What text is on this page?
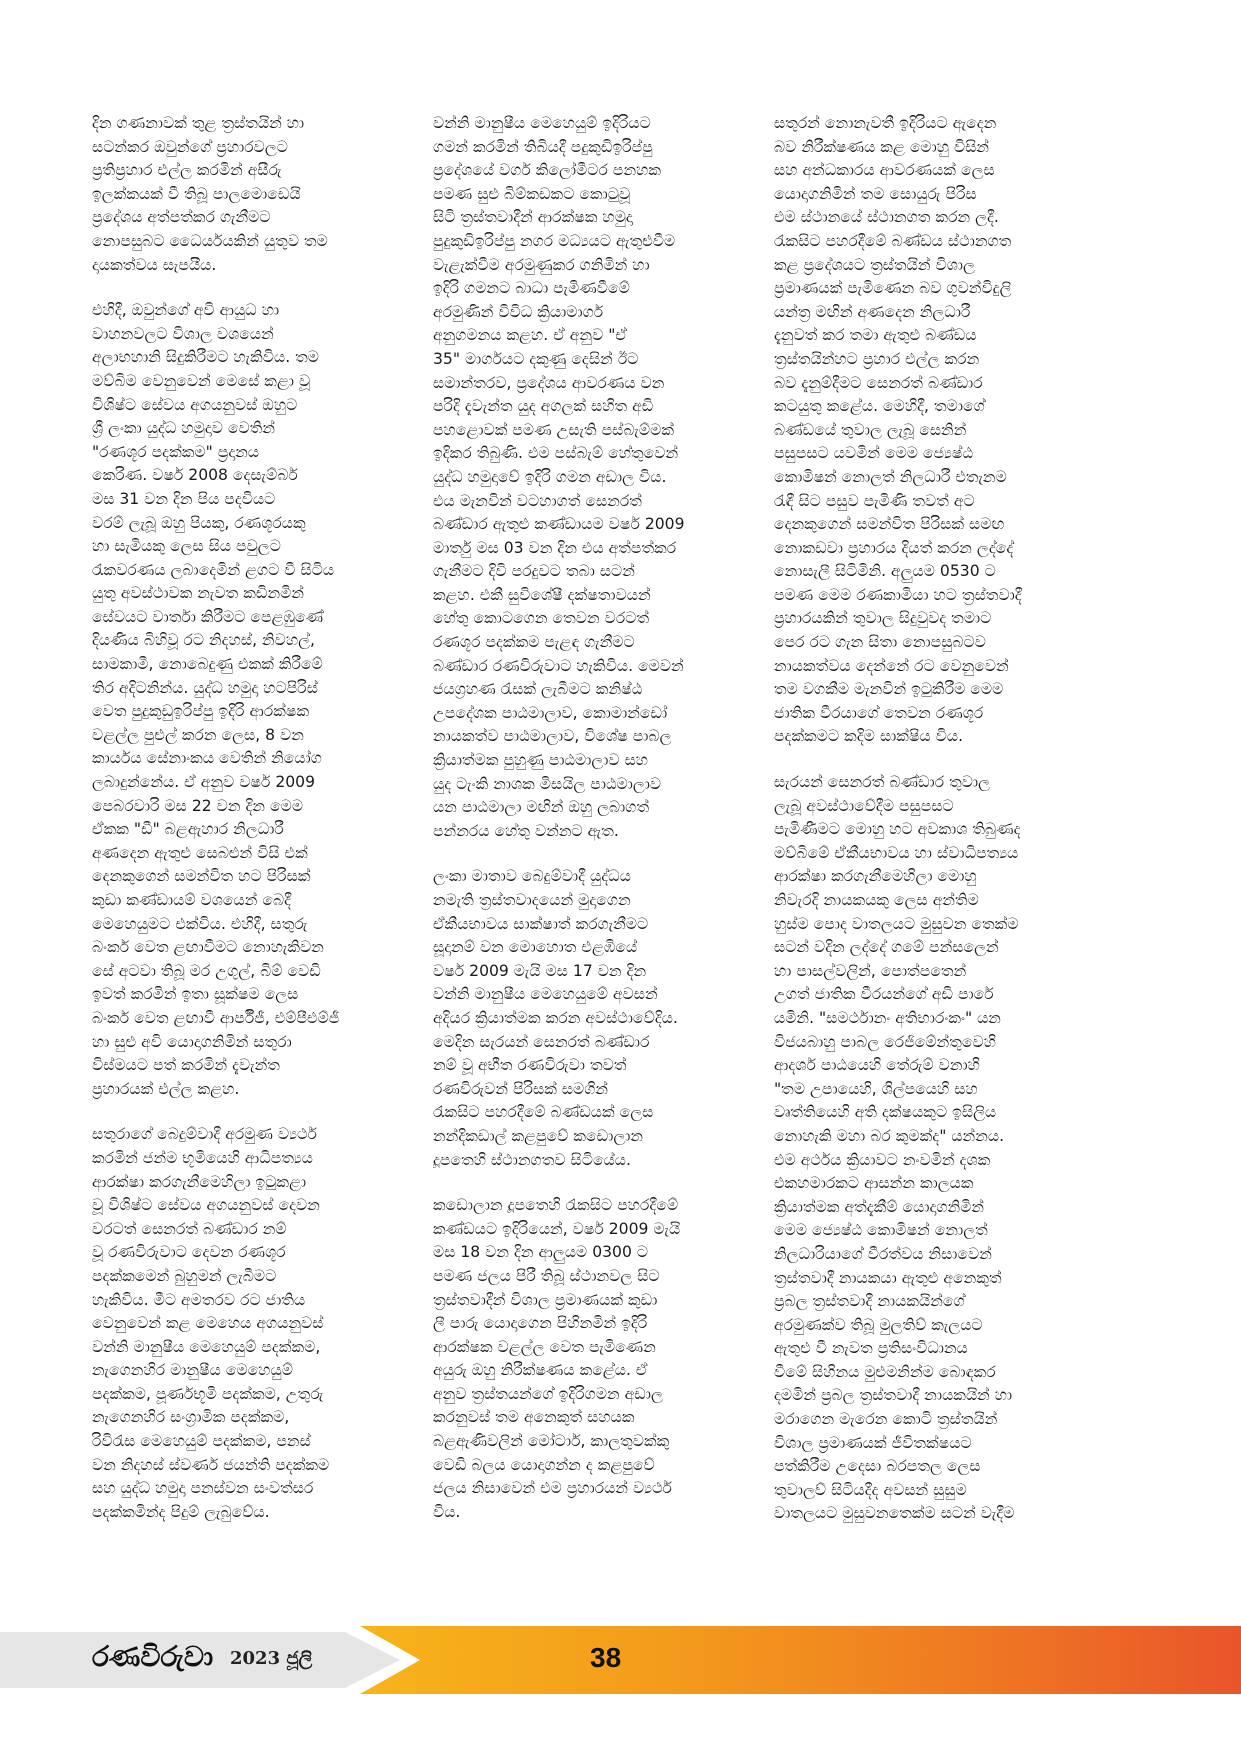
දින ගණනාවක් තුළ ත්‍රස්තයින් හා
සටන්කර ඔවුන්ගේ ප්‍රහාරවලට
ප්‍රතිප්‍රහාර එල්ල කරමින් අසීරු
ඉලක්කයක් වී තිබූ පාලමොඩෙයි
ප්‍රදේශය අත්පත්කර ගැනීමට
නොපසුබට ධෛර්යයකින් යුතුව තම
දායකත්වය සැපයීය.

එහිදී, ඔවුන්ගේ අවි ආයුධ හා
වාහනවලට විශාල වශයෙන්
අලාභහානි සිදුකිරීමට හැකිවිය. තම
මව්බිම වෙනුවෙන් මෙසේ කළා වූ
විශිෂ්ට සේවය අගයනුවස් ඔහුට
ශ්‍රී ලංකා යුද්ධ හමුදාව වෙතින්
"රණශූර පදක්කම" ප්‍රදානය
කෙරිණ. වර්ෂ 2008 දෙසැම්බර්
මස 31 වන දින පිය පදවියට
වරම් ලැබූ ඔහු පියකු, රණශූරයකු
හා සැමියකු ලෙස සිය පවුලට
රැකවරණය ලබාදෙමින් ළගට වී සිටිය
යුතු අවස්ථාවක නැවත කඩිනමින්
සේවයට වාර්තා කිරීමට පෙළඹුණේ
දියණිය බිහිවූ රට නිදහස්, නිවහල්,
සාමකාමී, නොබෙදුණු එකක් කිරීමේ
තිර අදිටනින්ය. යුද්ධ හමුදා හටපිරිස්
වෙත පුදුකුඩුඉරිප්පු ඉදිරි ආරක්ෂක
වළල්ල පුළුල් කරන ලෙස, 8 වන
කාර්යය සේනාංකය වෙතින් නියෝග
ලබාදුන්නේය. ඒ අනුව වර්ෂ 2009
පෙබරවාරි මස 22 වන දින මෙම
ඒකක "ඩී" බළඇහාර නිලධාරී
අණදෙන ඇතුළු සෙබළුන් විසි එක්
දෙනකුගෙන් සමන්විත හට පිරිසක්
කුඩා කණ්ඩායම් වශයෙන් බෙදී
මෙහෙයුමට එක්විය. එහිදී, සතුරු
බංකර් වෙත ළඟාවීමට නොහැකිවන
සේ අටවා තිබූ මර උගුල්, බිම් වෙඩි
ඉවත් කරමින් ඉතා සූක්ෂම ලෙස
බංකර් වෙත ළඟාවී ආර්පීජී, එම්පීඑම්ජී
හා සුළු අවි යොදාගනිමින් සතුරා
විස්මයට පත් කරමින් දැවැන්ත
ප්‍රහාරයක් එල්ල කළහ.

සතුරාගේ බෙදුම්වාදී අරමුණ ව්‍යර්ථ
කරමින් ජන්ම භූමියෙහි ආධිපත්‍යය
ආරක්ෂා කරගැනීමෙහිලා ඉටුකළා
වූ විශිෂ්ට සේවය අගයනුවස් දෙවන
වරටත් සෙනරත් බණ්ඩාර නම්
වූ රණවිරුවාට දෙවන රණශූර
පදක්කමෙන් බුහුමන් ලැබීමට
හැකිවිය. මීට අමතරව රට ජාතිය
වෙනුවෙන් කළ මෙහෙය අගයනුවස්
වන්නි මානුෂීය මෙහෙයුම් පදක්කම,
නැගෙනහිර මානුෂීය මෙහෙයුම්
පදක්කම, පූර්ණභූමි පදක්කම, උතුරු
නැගෙනහිර සංග්‍රාමික පදක්කම,
රිවිරැස මෙහෙයුම් පදක්කම, පනස්
වන නිදහස් ස්වර්ණ ජයන්ති පදක්කම
සහ යුද්ධ හමුදා පනස්වන සංවත්සර
පදක්කමින්ද පිදුම් ලැබුවේය.

වන්නි මානුෂීය මෙහෙයුම් ඉදිරියට
ගමන් කරමින් තිබියදී පදුකුඩිඉරිප්පු
ප්‍රදේශයේ වර්ග කිලෝමීටර පනහක
පමණ සුළු බිම්කඩකට කොටුවූ
සිටි ත්‍රස්තවාදීන් ආරක්ෂක හමුදා
පුදුකුඩිඉරිප්පු නගර මධ්‍යයට ඇතුළුවීම
වැළැක්වීම අරමුණුකර ගනිමින් හා
ඉදිරි ගමනට බාධා පැමිණවීමේ
අරමුණින් විවිධ ක්‍රියාමාර්ග
අනුගමනය කළහ. ඒ අනුව "ඒ
35" මාර්ගයට දකුණු දෙසින් ඊට
සමාන්තරව, ප්‍රදේශය ආවරණය වන
පරිදි දැවැන්ත යුද අගලක් සහිත අඩි
පහළොවක් පමණ උසැති පස්බැම්මක්
ඉදිකර තිබුණි. එම පස්බැම් හේතුවෙන්
යුද්ධ හමුදාවේ ඉදිරි ගමන අඩාල විය.
එය මැනවින් වටහාගත් සෙනරත්
බණ්ඩාර ඇතුළු කණ්ඩායම වර්ෂ 2009
මාර්තු මස 03 වන දින එය අත්පත්කර
ගැනීමට දිවි පරදුවට තබා සටන්
කළහ. එකී සුවිශේෂී දක්ෂතාවයන්
හේතු කොටගෙන තෙවන වරටත්
රණශූර පදක්කම පැළඳ ගැනීමට
බණ්ඩාර රණවිරුවාට හැකිවිය. මෙවන්
ජයග්‍රහණ රැසක් ලැබීමට කනිෂ්ඨ
උපදේශක පාඨමාලාව, කොමාන්ඩෝ
නායකත්ව පාඨමාලාව, විශේෂ පාබල
ක්‍රියාත්මක පුහුණු පාඨමාලාව සහ
යුද ටැංකි නාශක මිසයිල පාඨමාලාව
යන පාඨමාලා මඟින් ඔහු ලබාගත්
පන්නරය හේතු වන්නට ඇත.

ලංකා මාතාව බෙදුම්වාදී යුද්ධය
නමැති ත්‍රස්තවාදයෙන් මුදාගෙන
ඒකීයභාවය සාක්ෂාත් කරගැනීමට
සූදානම් වන මොහොත එළඹියේ
වර්ෂ 2009 මැයි මස 17 වන දින
වන්නි මානුෂීය මෙහෙයුමේ අවසන්
අදියර ක්‍රියාත්මක කරන අවස්ථාවේදිය.
මෙදින සැරයන් සෙනරත් බණ්ඩාර
නම් වූ අභීත රණවිරුවා තවත්
රණවිරුවන් පිරිසක් සමගින්
රැකසිට පහරදීමේ බණ්ඩයක් ලෙස
නන්දිකඩාල් කළපුවේ කඩොලාන
දූපතෙහි ස්ථානගතව සිටියේය.

කඩොලාන දූපතෙහි රැකසිට පහරදීමේ
කණ්ඩයට ඉදිරියෙන්, වර්ෂ 2009 මැයි
මස 18 වන දින ආලුයම 0300 ට
පමණ ජලය පිරී තිබූ ස්ථානවල සිට
ත්‍රස්තවාදීන් විශාල ප්‍රමාණයක් කුඩා
ලී පාරු යොදාගෙන පිහිනමින් ඉදිරි
ආරක්ෂක වළල්ල වෙත පැමිණෙන
අයුරු ඔහු නිරීක්ෂණය කළේය. ඒ
අනුව ත්‍රස්තයන්ගේ ඉදිරිගමන අඩාල
කරනුවස් තම අනෙකුත් සහයක
බළඇණිවලින් මෝටාර්, කාලතුවක්කු
වෙඩි බලය යොදාගන්න ද කළපුවේ
ජලය නිසාවෙන් එම ප්‍රහාරයන් ව්‍යර්ථ
විය.

සතුරන් නොනැවතී ඉදිරියට ඇදෙන
බව නිරීක්ෂණය කළ මොහු විසින්
සහ අන්ධකාරය ආවරණයක් ලෙස
යොදාගනිමින් තම සොයුරු පිරිස
එම ස්ථානයේ ස්ථානගත කරන ලදී.
රැකසිට පහරදීමේ බණ්ඩය ස්ථානගත
කළ ප්‍රදේශයට ත්‍රස්තයින් විශාල
ප්‍රමාණයක් පැමිණෙන බව ගුවන්විදුලි
යන්ත්‍ර මඟින් අණදෙන නිලධාරී
දැනුවත් කර තමා ඇතුළු බණ්ඩය
ත්‍රස්තයින්හට ප්‍රහාර එල්ල කරන
බව දැනුම්දීමට සෙනරත් බණ්ඩාර
කටයුතු කළේය. මෙහිදී, තමාගේ
බණ්ඩයේ තුවාල ලැබූ සෙනින්
පසුපසට යවමින් මෙම ජ්‍යෙෂ්ඨ
කොමිෂන් නොලත් නිලධාරී එතැනම
රැඳී සිට පසුව පැමිණි තවත් අට
දෙනකුගෙන් සමන්විත පිරිසක් සමඟ
නොකඩවා ප්‍රහාරය දියත් කරන ලද්දේ
නොසැලී සිටිමිනි. අලුයම 0530 ට
පමණ මෙම රණකාමියා හට ත්‍රස්තවාදී
ප්‍රහාරයකින් තුවාල සිදුවුවද තමාට
පෙර රට ගැන සිතා නොපසුබටව
නායකත්වය දෙන්නේ රට වෙනුවෙන්
තම වගකීම මැනවින් ඉටුකිරීම මෙම
ජාතික වීරයාගේ තෙවන රණශූර
පදක්කමට කදිම සාක්ෂිය විය.

සැරයන් සෙනරත් බණ්ඩාර තුවාල
ලැබූ අවස්ථාවේදීම පසුපසට
පැමිණීමට මොහු හට අවකාශ තිබුණද
මව්බිමේ ඒකීයභාවය හා ස්වාධිපත්‍යය
ආරක්ෂා කරගැනීමෙහිලා මොහු
නිවැරදි නායකයකු ලෙස අන්තිම
හුස්ම පොද වාතලයට මුසුවන තෙක්ම
සටන් වදින ලද්දේ ගමේ පන්සලෙන්
හා පාසල්වලින්, පොත්පතෙන්
උගත් ජාතික වීරයන්ගේ අඩි පාරේ
යමිනි. "සමර්ථානං අතිභාරංකං" යන
විජයබාහු පාබල රෙජිමේන්තුවෙහි
ආදර්ශ පාඨයෙහි තේරුම් වනාහි
"තම උපායෙහි, ශිල්පයෙහි සහ
වෘත්තියෙහි අති දක්ෂයකුට ඉසිලිය
නොහැකි මහා බර කුමක්ද" යන්නය.
එම අර්ථය ක්‍රියාවට නංවමින් දශක
එකහමාරකට ආසන්න කාලයක
ක්‍රියාත්මක අත්දැකීම් යොදාගනිමින්
මෙම ජ්‍යෙෂ්ඨ කොමිෂන් නොලත්
නිලධාරියාගේ වීරත්වය නිසාවෙන්
ත්‍රස්තවාදී නායකයා ඇතුළු අනෙකුත්
ප්‍රබල ත්‍රස්තවාදී නායකයින්ගේ
අරමුණක්ව තිබූ මුලතිව් කැලයට
ඇතුළු වී නැවත ප්‍රතිසංවිධානය
වීමේ සිහිනය මුළුමනින්ම බොඳකර
දමමින් ප්‍රබල ත්‍රස්තවාදී නායකයින් හා
මරාගෙන මැරෙන කොටි ත්‍රස්තයින්
විශාල ප්‍රමාණයක් ජීවිතක්ෂයට
පත්කිරීම උදෙසා බරපතල ලෙස
තුවාලව් සිටියදීද අවසන් සුසුම
වාතලයට මුසුවනතෙක්ම සටන් වැදීම

රණවිරුවා 2023 ජූලි	38
